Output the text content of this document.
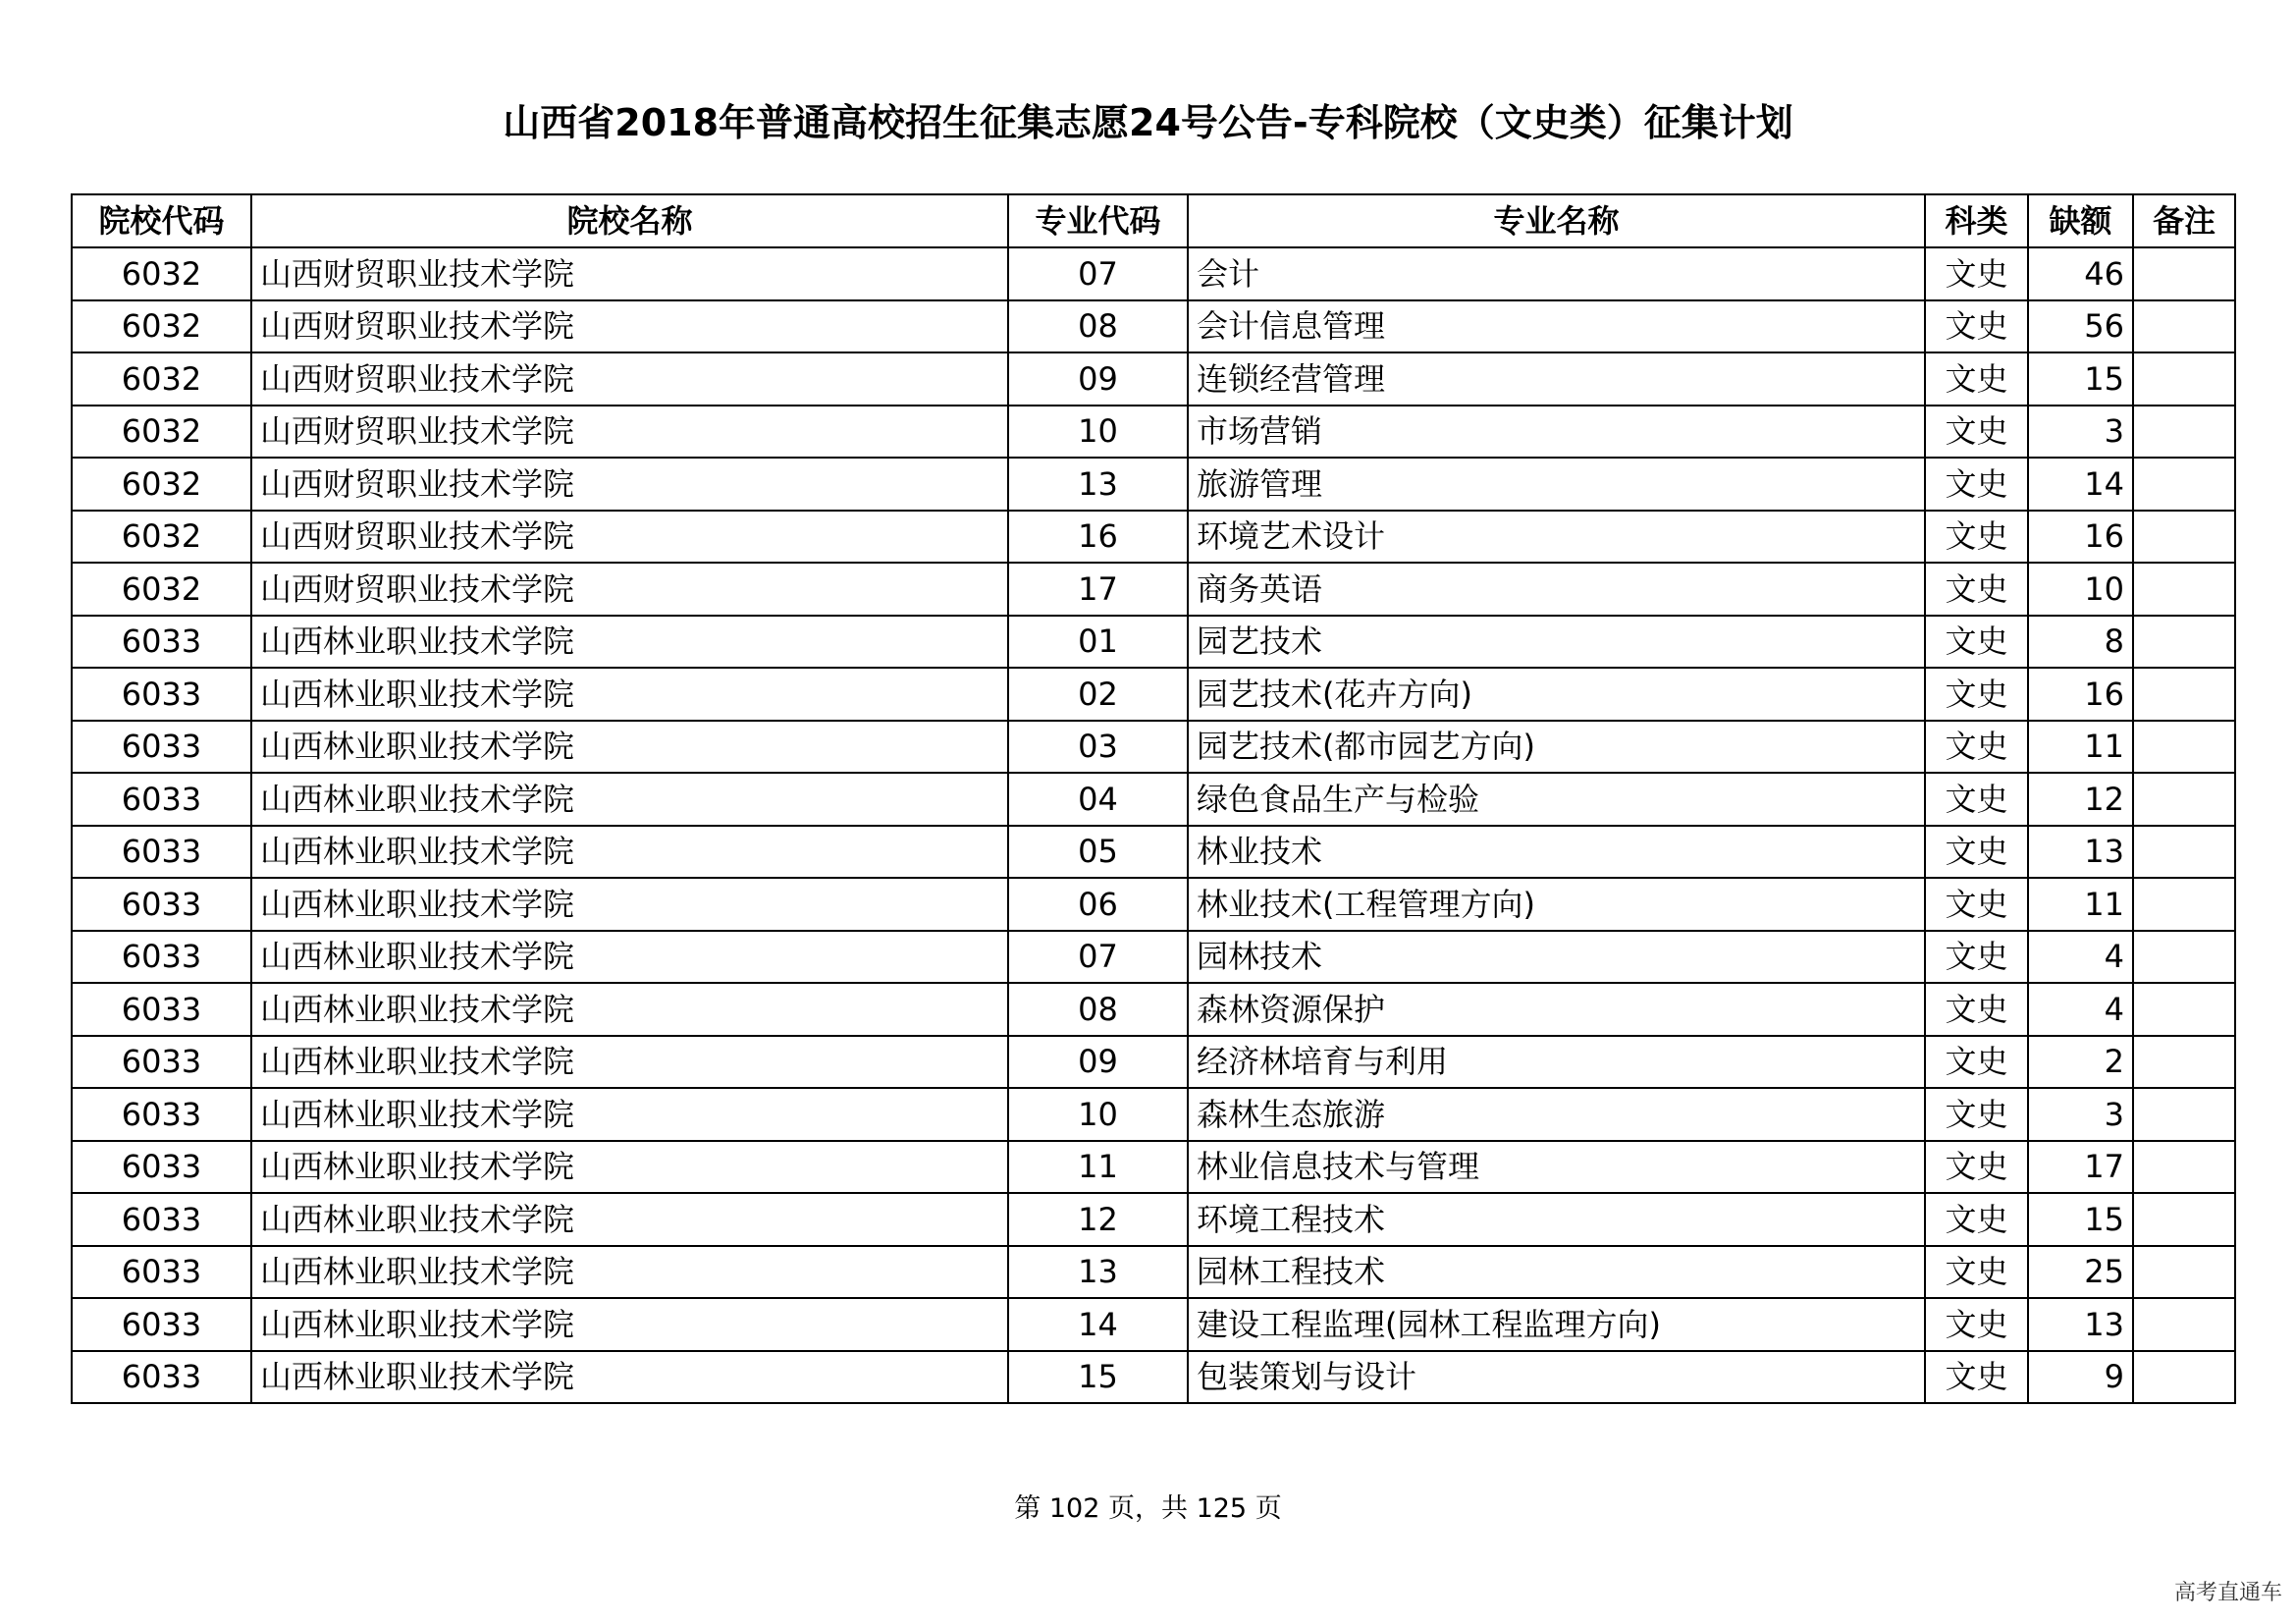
山西省2018年普通高校招生征集志愿24号公告-专科院校（文史类）征集计划
院校代码	院校名称	专业代码	专业名称	科类	缺额	备注
6032	山西财贸职业技术学院	07	会计	文史	46	
6032	山西财贸职业技术学院	08	会计信息管理	文史	56	
6032	山西财贸职业技术学院	09	连锁经营管理	文史	15	
6032	山西财贸职业技术学院	10	市场营销	文史	3	
6032	山西财贸职业技术学院	13	旅游管理	文史	14	
6032	山西财贸职业技术学院	16	环境艺术设计	文史	16	
6032	山西财贸职业技术学院	17	商务英语	文史	10	
6033	山西林业职业技术学院	01	园艺技术	文史	8	
6033	山西林业职业技术学院	02	园艺技术(花卉方向)	文史	16	
6033	山西林业职业技术学院	03	园艺技术(都市园艺方向)	文史	11	
6033	山西林业职业技术学院	04	绿色食品生产与检验	文史	12	
6033	山西林业职业技术学院	05	林业技术	文史	13	
6033	山西林业职业技术学院	06	林业技术(工程管理方向)	文史	11	
6033	山西林业职业技术学院	07	园林技术	文史	4	
6033	山西林业职业技术学院	08	森林资源保护	文史	4	
6033	山西林业职业技术学院	09	经济林培育与利用	文史	2	
6033	山西林业职业技术学院	10	森林生态旅游	文史	3	
6033	山西林业职业技术学院	11	林业信息技术与管理	文史	17	
6033	山西林业职业技术学院	12	环境工程技术	文史	15	
6033	山西林业职业技术学院	13	园林工程技术	文史	25	
6033	山西林业职业技术学院	14	建设工程监理(园林工程监理方向)	文史	13	
6033	山西林业职业技术学院	15	包装策划与设计	文史	9	
第 102 页，共 125 页
高考直通车
